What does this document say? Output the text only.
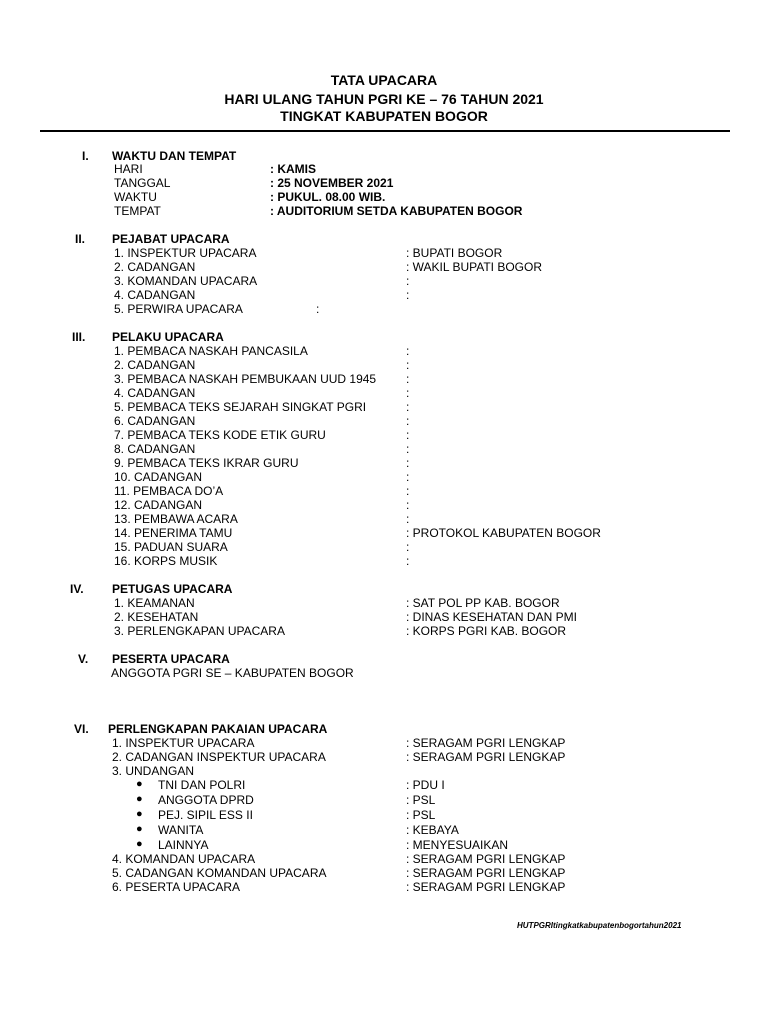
TATA UPACARA
HARI ULANG TAHUN PGRI KE – 76 TAHUN 2021
TINGKAT KABUPATEN BOGOR
I. WAKTU DAN TEMPAT
HARI	: KAMIS
TANGGAL	: 25 NOVEMBER 2021
WAKTU	: PUKUL. 08.00 WIB.
TEMPAT	: AUDITORIUM SETDA KABUPATEN BOGOR
II. PEJABAT UPACARA
1. INSPEKTUR UPACARA	: BUPATI BOGOR
2. CADANGAN	: WAKIL BUPATI BOGOR
3. KOMANDAN UPACARA	:
4. CADANGAN	:
5. PERWIRA UPACARA	:
III. PELAKU UPACARA
1. PEMBACA NASKAH PANCASILA	:
2. CADANGAN	:
3. PEMBACA NASKAH PEMBUKAAN UUD 1945 :
4. CADANGAN	:
5. PEMBACA TEKS SEJARAH SINGKAT PGRI	:
6. CADANGAN	:
7. PEMBACA TEKS KODE ETIK GURU	:
8. CADANGAN	:
9. PEMBACA TEKS IKRAR GURU	:
10. CADANGAN	:
11. PEMBACA DO’A	:
12. CADANGAN	:
13. PEMBAWA ACARA	:
14. PENERIMA TAMU	: PROTOKOL KABUPATEN BOGOR
15. PADUAN SUARA	:
16. KORPS MUSIK	:
IV. PETUGAS UPACARA
1. KEAMANAN	: SAT POL PP KAB. BOGOR
2. KESEHATAN	: DINAS KESEHATAN DAN PMI
3. PERLENGKAPAN UPACARA	: KORPS PGRI KAB. BOGOR
V. PESERTA UPACARA
ANGGOTA PGRI SE – KABUPATEN BOGOR
VI. PERLENGKAPAN PAKAIAN UPACARA
1. INSPEKTUR UPACARA	: SERAGAM PGRI LENGKAP
2. CADANGAN INSPEKTUR UPACARA	: SERAGAM PGRI LENGKAP
3. UNDANGAN
● TNI DAN POLRI	: PDU I
● ANGGOTA DPRD	: PSL
● PEJ. SIPIL ESS II	: PSL
● WANITA	: KEBAYA
● LAINNYA	: MENYESUAIKAN
4. KOMANDAN UPACARA	: SERAGAM PGRI LENGKAP
5. CADANGAN KOMANDAN UPACARA	: SERAGAM PGRI LENGKAP
6. PESERTA UPACARA	: SERAGAM PGRI LENGKAP
HUTPGRItingkatkabupatenbogortahun2021
